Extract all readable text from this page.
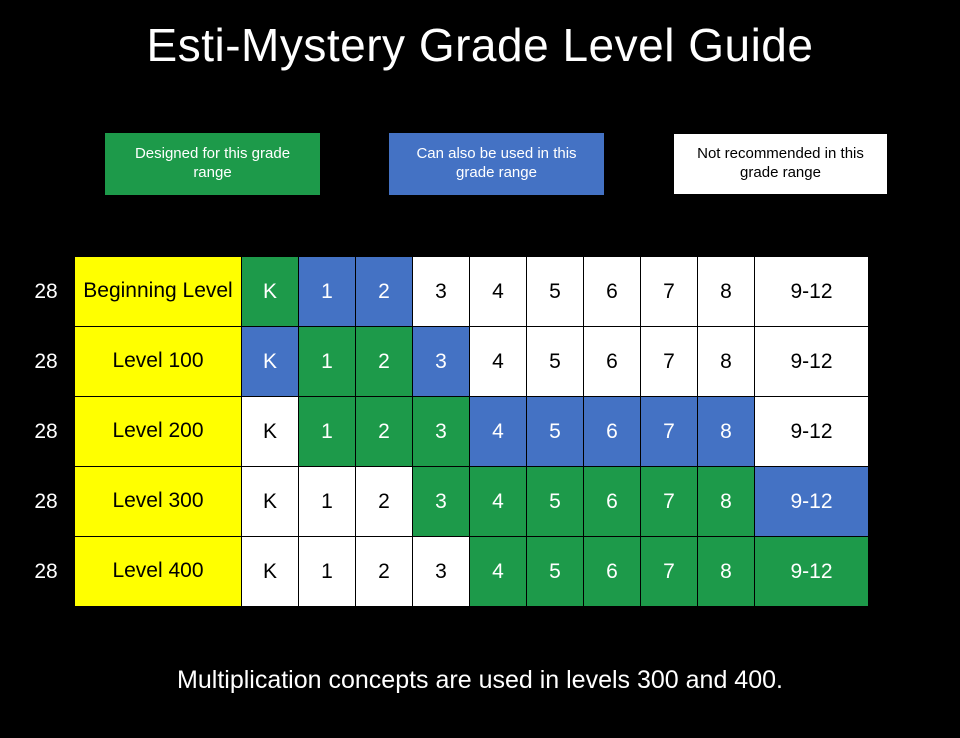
Esti-Mystery Grade Level Guide
Designed for this grade range
Can also be used in this grade range
Not recommended in this grade range
28	Beginning Level	K	1	2	3	4	5	6	7	8	9-12
28	Level 100	K	1	2	3	4	5	6	7	8	9-12
28	Level 200	K	1	2	3	4	5	6	7	8	9-12
28	Level 300	K	1	2	3	4	5	6	7	8	9-12
28	Level 400	K	1	2	3	4	5	6	7	8	9-12
Multiplication concepts are used in levels 300 and 400.
